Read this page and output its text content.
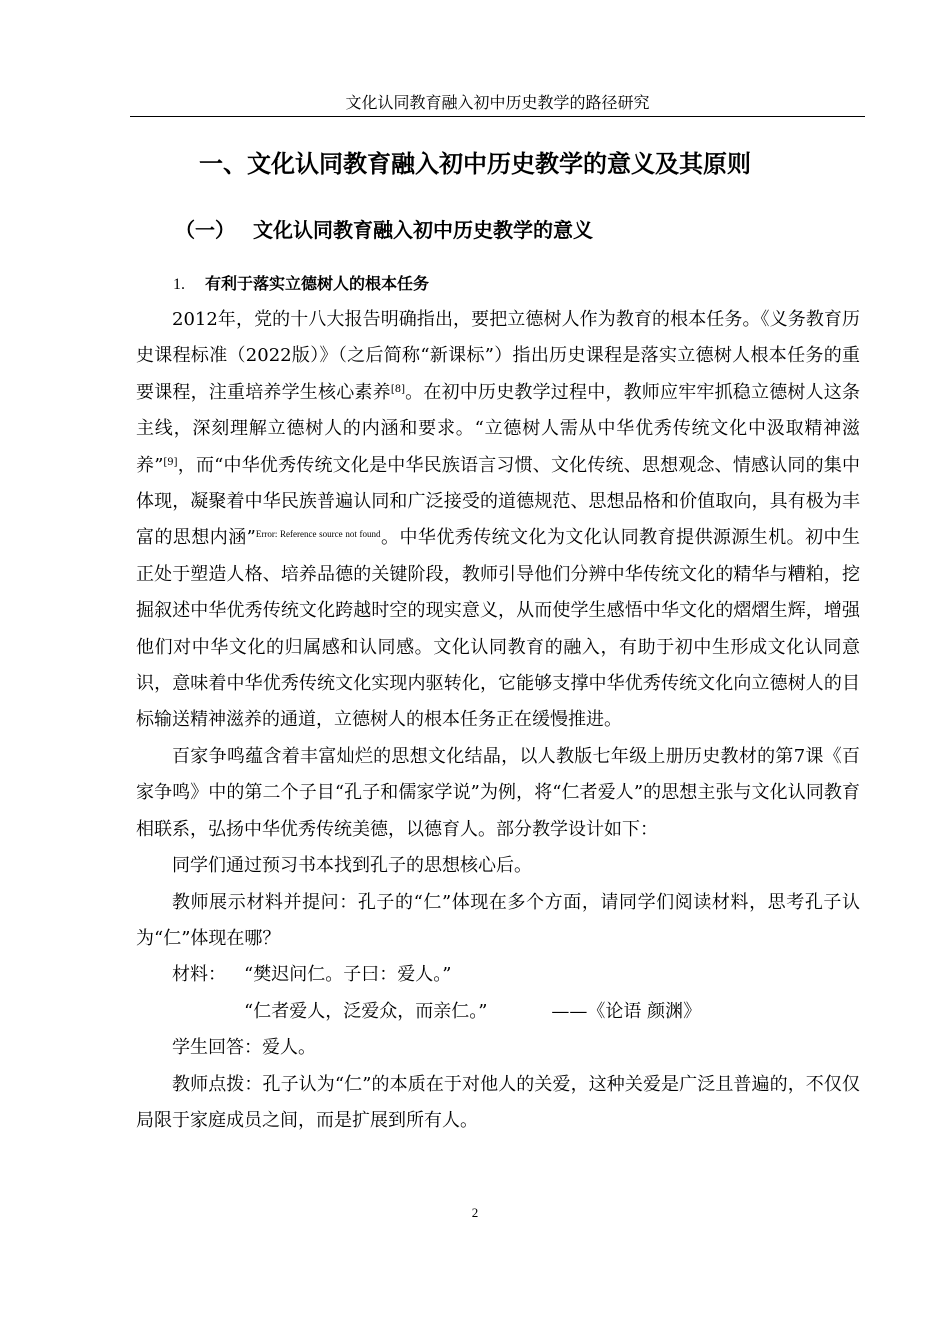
文化认同教育融入初中历史教学的路径研究
一、文化认同教育融入初中历史教学的意义及其原则
（一） 文化认同教育融入初中历史教学的意义
1. 有利于落实立德树人的根本任务

2012年，党的十八大报告明确指出，要把立德树人作为教育的根本任务。《义务教育历史课程标准（2022版）》（之后简称“新课标”）指出历史课程是落实立德树人根本任务的重要课程，注重培养学生核心素养[8]。在初中历史教学过程中，教师应牢牢抓稳立德树人这条主线，深刻理解立德树人的内涵和要求。“立德树人需从中华优秀传统文化中汲取精神滋养”[9]，而“中华优秀传统文化是中华民族语言习惯、文化传统、思想观念、情感认同的集中体现，凝聚着中华民族普遍认同和广泛接受的道德规范、思想品格和价值取向，具有极为丰富的思想内涵”$^{Error: Reference source not found}$。中华优秀传统文化为文化认同教育提供源源生机。初中生正处于塑造人格、培养品德的关键阶段，教师引导他们分辨中华传统文化的精华与糟粕，挖掘叙述中华优秀传统文化跨越时空的现实意义，从而使学生感悟中华文化的熠熠生辉，增强他们对中华文化的归属感和认同感。文化认同教育的融入，有助于初中生形成文化认同意识，意味着中华优秀传统文化实现内驱转化，它能够支撑中华优秀传统文化向立德树人的目标输送精神滋养的通道，立德树人的根本任务正在缓慢推进。

百家争鸣蕴含着丰富灿烂的思想文化结晶，以人教版七年级上册历史教材的第7课《百家争鸣》中的第二个子目“孔子和儒家学说”为例，将“仁者爱人”的思想主张与文化认同教育相联系，弘扬中华优秀传统美德，以德育人。部分教学设计如下：

同学们通过预习书本找到孔子的思想核心后。

教师展示材料并提问：孔子的“仁”体现在多个方面，请同学们阅读材料，思考孔子认为“仁”体现在哪？

材料： “樊迟问仁。子曰：爱人。”
“仁者爱人，泛爱众，而亲仁。”	——《论语 颜渊》

学生回答：爱人。

教师点拨：孔子认为“仁”的本质在于对他人的关爱，这种关爱是广泛且普遍的，不仅仅局限于家庭成员之间，而是扩展到所有人。

2
